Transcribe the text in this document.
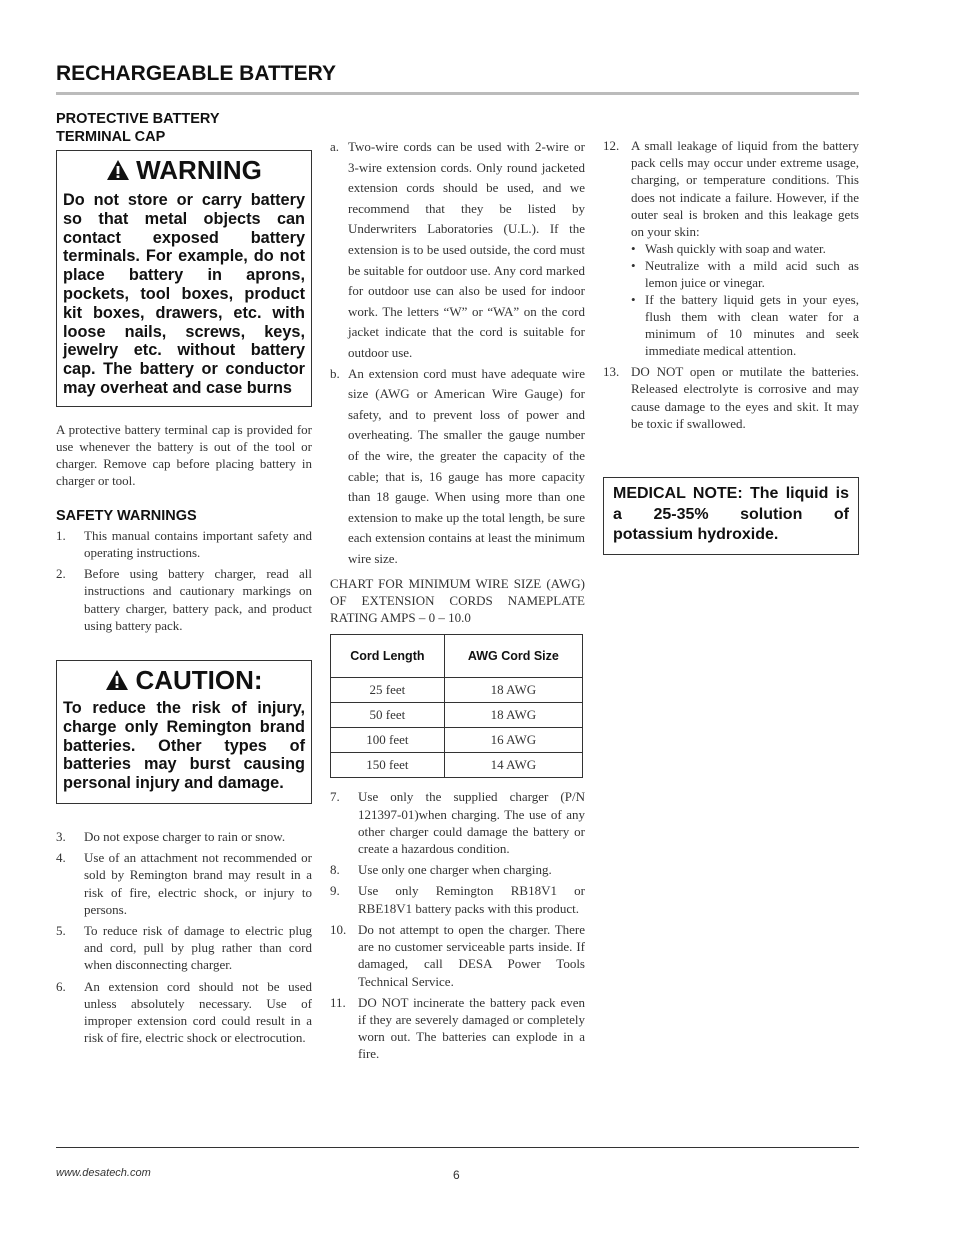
RECHARGEABLE BATTERY
PROTECTIVE BATTERY
TERMINAL CAP
WARNING
Do not store or carry battery so that metal objects can contact exposed battery terminals. For example, do not place battery in aprons, pockets, tool boxes, product kit boxes, drawers, etc. with loose nails, screws, keys, jewelry etc. without battery cap. The battery or conductor may overheat and case burns

A protective battery terminal cap is provided for use whenever the battery is out of the tool or charger. Remove cap before placing battery in charger or tool.

SAFETY WARNINGS
1.	This manual contains important safety and operating instructions.
2.	Before using battery charger, read all instructions and cautionary markings on battery charger, battery pack, and product using battery pack.
CAUTION:
To reduce the risk of injury, charge only Remington brand batteries. Other types of batteries may burst causing personal injury and damage.
3.	Do not expose charger to rain or snow.
4.	Use of an attachment not recommended or sold by Remington brand may result in a risk of fire, electric shock, or injury to persons.
5.	To reduce risk of damage to electric plug and cord, pull by plug rather than cord when disconnecting charger.
6.	An extension cord should not be used unless absolutely necessary. Use of improper extension cord could result in a risk of fire, electric shock or electrocution.
a. Two-wire cords can be used with 2-wire or 3-wire extension cords. Only round jacketed extension cords should be used, and we recommend that they be listed by Underwriters Laboratories (U.L.). If the extension is to be used outside, the cord must be suitable for outdoor use. Any cord marked for outdoor use can also be used for indoor work. The letters “W” or “WA” on the cord jacket indicate that the cord is suitable for outdoor use.
b. An extension cord must have adequate wire size (AWG or American Wire Gauge) for safety, and to prevent loss of power and overheating. The smaller the gauge number of the wire, the greater the capacity of the cable; that is, 16 gauge has more capacity than 18 gauge. When using more than one extension to make up the total length, be sure each extension contains at least the minimum wire size.
CHART FOR MINIMUM WIRE SIZE (AWG) OF EXTENSION CORDS NAMEPLATE RATING AMPS – 0 – 10.0
Cord Length	AWG Cord Size
25 feet	18 AWG
50 feet	18 AWG
100 feet	16 AWG
150 feet	14 AWG
7.	Use only the supplied charger (P/N 121397-01)when charging. The use of any other charger could damage the battery or create a hazardous condition.
8.	Use only one charger when charging.
9.	Use only Remington RB18V1 or RBE18V1 battery packs with this product.
10. Do not attempt to open the charger. There are no customer serviceable parts inside. If damaged, call DESA Power Tools Technical Service.
11. DO NOT incinerate the battery pack even if they are severely damaged or completely worn out. The batteries can explode in a fire.
12. A small leakage of liquid from the battery pack cells may occur under extreme usage, charging, or temperature conditions. This does not indicate a failure. However, if the outer seal is broken and this leakage gets on your skin:
• Wash quickly with soap and water.
• Neutralize with a mild acid such as lemon juice or vinegar.
• If the battery liquid gets in your eyes, flush them with clean water for a minimum of 10 minutes and seek immediate medical attention.
13. DO NOT open or mutilate the batteries. Released electrolyte is corrosive and may cause damage to the eyes and skit. It may be toxic if swallowed.
MEDICAL NOTE: The liquid is a 25-35% solution of potassium hydroxide.
www.desatech.com	6
